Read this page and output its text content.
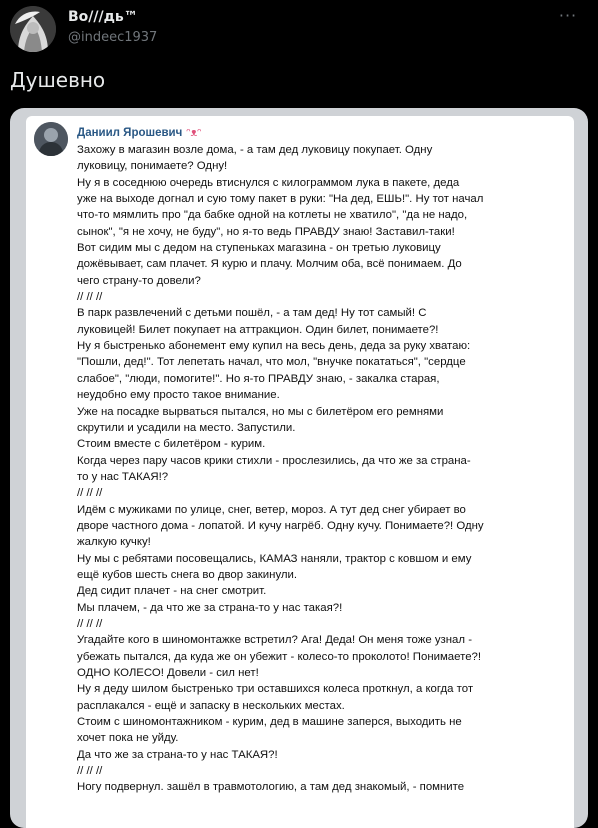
Во///дь™
@indeec1937
···
Душевно
Даниил Ярошевич ᵔᴥᵔ
Захожу в магазин возле дома, - а там дед луковицу покупает. Одну
луковицу, понимаете? Одну!
Ну я в соседнюю очередь втиснулся с килограммом лука в пакете, деда
уже на выходе догнал и сую тому пакет в руки: "На дед, ЕШЬ!". Ну тот начал
что-то мямлить про "да бабке одной на котлеты не хватило", "да не надо,
сынок", "я не хочу, не буду", но я-то ведь ПРАВДУ знаю! Заставил-таки!
Вот сидим мы с дедом на ступеньках магазина - он третью луковицу
дожёвывает, сам плачет. Я курю и плачу. Молчим оба, всё понимаем. До
чего страну-то довели?
// // //
В парк развлечений с детьми пошёл, - а там дед! Ну тот самый! С
луковицей! Билет покупает на аттракцион. Один билет, понимаете?!
Ну я быстренько абонемент ему купил на весь день, деда за руку хватаю:
"Пошли, дед!". Тот лепетать начал, что мол, "внучке покататься", "сердце
слабое", "люди, помогите!". Но я-то ПРАВДУ знаю, - закалка старая,
неудобно ему просто такое внимание.
Уже на посадке вырваться пытался, но мы с билетёром его ремнями
скрутили и усадили на место. Запустили.
Стоим вместе с билетёром - курим.
Когда через пару часов крики стихли - прослезились, да что же за страна-
то у нас ТАКАЯ!?
// // //
Идём с мужиками по улице, снег, ветер, мороз. А тут дед снег убирает во
дворе частного дома - лопатой. И кучу нагрёб. Одну кучу. Понимаете?! Одну
жалкую кучку!
Ну мы с ребятами посовещались, КАМАЗ наняли, трактор с ковшом и ему
ещё кубов шесть снега во двор закинули.
Дед сидит плачет - на снег смотрит.
Мы плачем, - да что же за страна-то у нас такая?!
// // //
Угадайте кого в шиномонтажке встретил? Ага! Деда! Он меня тоже узнал -
убежать пытался, да куда же он убежит - колесо-то проколото! Понимаете?!
ОДНО КОЛЕСО! Довели - сил нет!
Ну я деду шилом быстренько три оставшихся колеса проткнул, а когда тот
расплакался - ещё и запаску в нескольких местах.
Стоим с шиномонтажником - курим, дед в машине заперся, выходить не
хочет пока не уйду.
Да что же за страна-то у нас ТАКАЯ?!
// // //
Ногу подвернул. зашёл в травмотологию, а там дед знакомый, - помните
